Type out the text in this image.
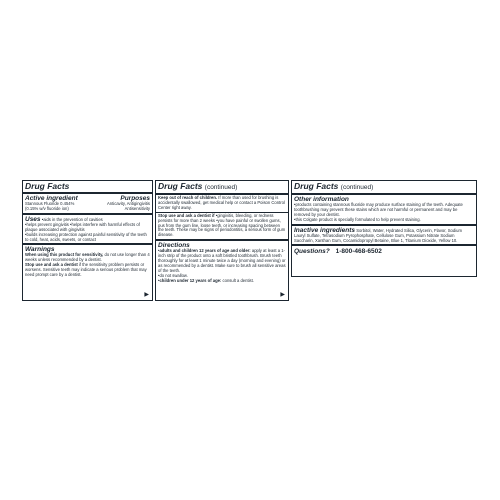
Drug Facts
Active ingredient	Purposes
Stannous Fluoride 0.454%	Anticavity, Antigingivitis
(0.15% w/v fluoride ion)	Antisensitivity
Uses • aids in the prevention of cavities
• helps prevent gingivitis • helps interfere with harmful effects of plaque associated with gingivitis
• builds increasing protection against painful sensitivity of the teeth to cold, heat, acids, sweets, or contact
Warnings
When using this product for sensitivity, do not use longer than 4 weeks unless recommended by a dentist.
Stop use and ask a dentist if the sensitivity problem persists or worsens. Sensitive teeth may indicate a serious problem that may need prompt care by a dentist.
▶
Drug Facts (continued)
Keep out of reach of children. If more than used for brushing is accidentally swallowed, get medical help or contact a Poison Control Center right away.
Stop use and ask a dentist if • gingivitis, bleeding, or redness persists for more than 2 weeks • you have painful or swollen gums, pus from the gum line, loose teeth, or increasing spacing between the teeth. These may be signs of periodontitis, a serious form of gum disease.
Directions
• adults and children 12 years of age and older: apply at least a 1-inch strip of the product onto a soft bristled toothbrush. Brush teeth thoroughly for at least 1 minute twice a day (morning and evening) or as recommended by a dentist. Make sure to brush all sensitive areas of the teeth.
• do not swallow.
• children under 12 years of age: consult a dentist.
▶
Drug Facts (continued)
Other information
• products containing stannous fluoride may produce surface staining of the teeth. Adequate toothbrushing may prevent these stains which are not harmful or permanent and may be removed by your dentist.
• this Colgate product is specially formulated to help prevent staining.
Inactive ingredients Sorbitol, Water, Hydrated Silica, Glycerin, Flavor, Sodium Lauryl Sulfate, Tetrasodium Pyrophosphate, Cellulose Gum, Potassium Nitrate Sodium Saccharin, Xanthan Gum, Cocamidopropyl Betaine, Blue 1, Titanium Dioxide, Yellow 10.
Questions? 1-800-468-6502
